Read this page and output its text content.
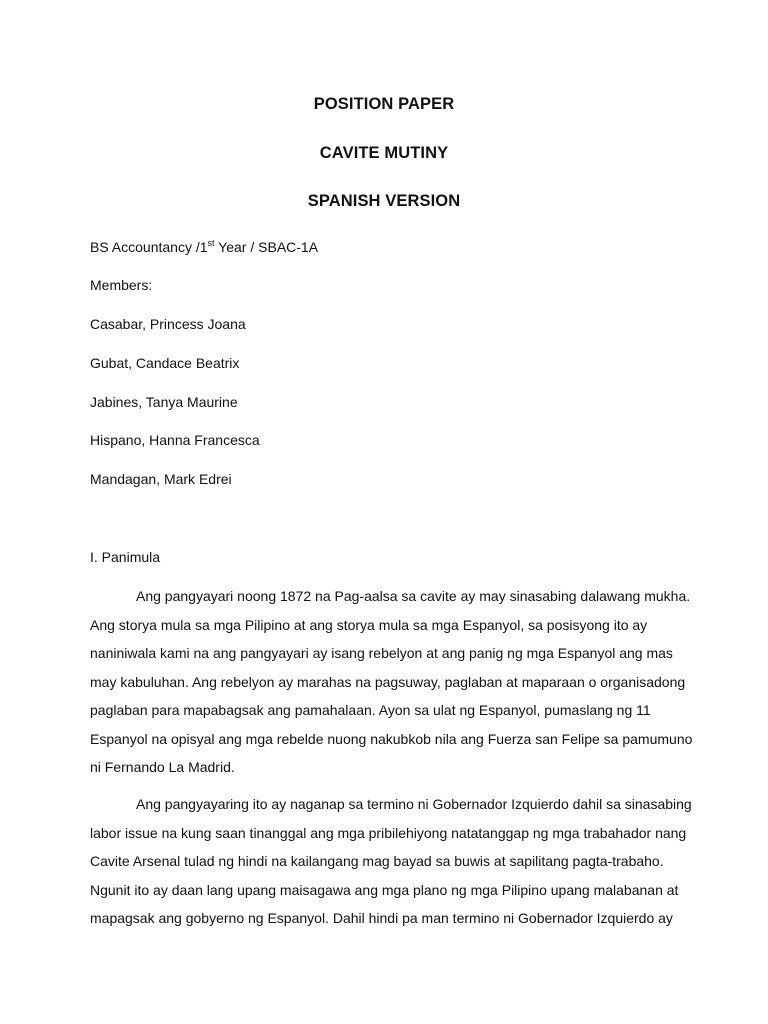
POSITION PAPER
CAVITE MUTINY
SPANISH VERSION
BS Accountancy /1st Year / SBAC-1A
Members:
Casabar, Princess Joana
Gubat, Candace Beatrix
Jabines, Tanya Maurine
Hispano, Hanna Francesca
Mandagan, Mark Edrei
I. Panimula
Ang pangyayari noong 1872 na Pag-aalsa sa cavite ay may sinasabing dalawang mukha.
Ang storya mula sa mga Pilipino at ang storya mula sa mga Espanyol, sa posisyong ito ay
naniniwala kami na ang pangyayari ay isang rebelyon at ang panig ng mga Espanyol ang mas
may kabuluhan. Ang rebelyon ay marahas na pagsuway, paglaban at maparaan o organisadong
paglaban para mapabagsak ang pamahalaan. Ayon sa ulat ng Espanyol, pumaslang ng 11
Espanyol na opisyal ang mga rebelde nuong nakubkob nila ang Fuerza san Felipe sa pamumuno
ni Fernando La Madrid.
Ang pangyayaring ito ay naganap sa termino ni Gobernador Izquierdo dahil sa sinasabing
labor issue na kung saan tinanggal ang mga pribilehiyong natatanggap ng mga trabahador nang
Cavite Arsenal tulad ng hindi na kailangang mag bayad sa buwis at sapilitang pagta-trabaho.
Ngunit ito ay daan lang upang maisagawa ang mga plano ng mga Pilipino upang malabanan at
mapagsak ang gobyerno ng Espanyol. Dahil hindi pa man termino ni Gobernador Izquierdo ay
